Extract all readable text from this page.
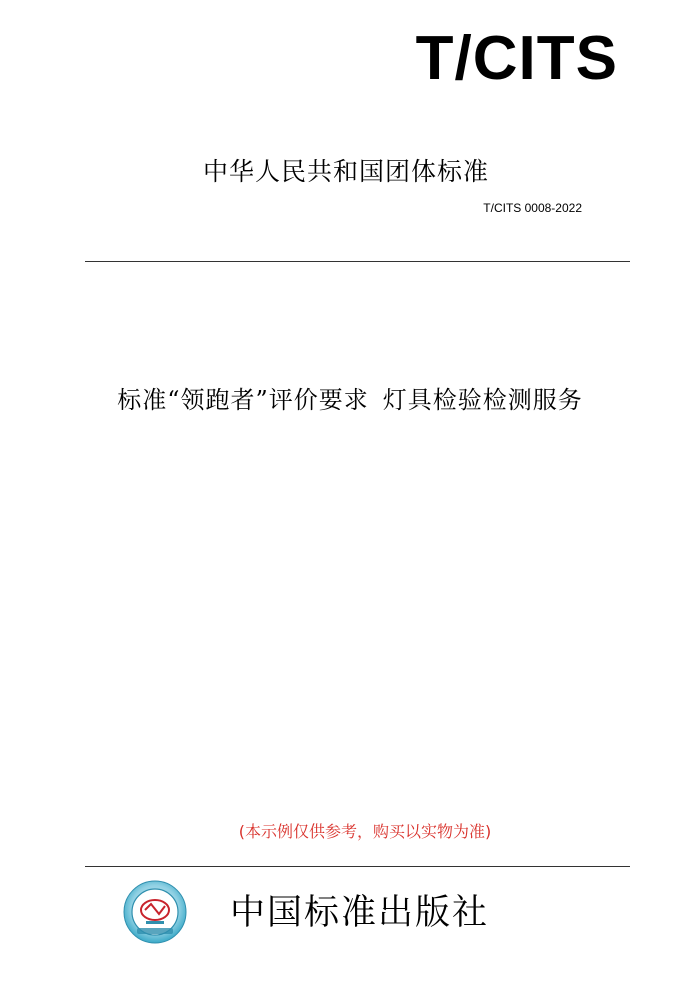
T/CITS
中华人民共和国团体标准
T/CITS 0008-2022
标准“领跑者”评价要求 灯具检验检测服务
(本示例仅供参考，购买以实物为准)
中国标准出版社
